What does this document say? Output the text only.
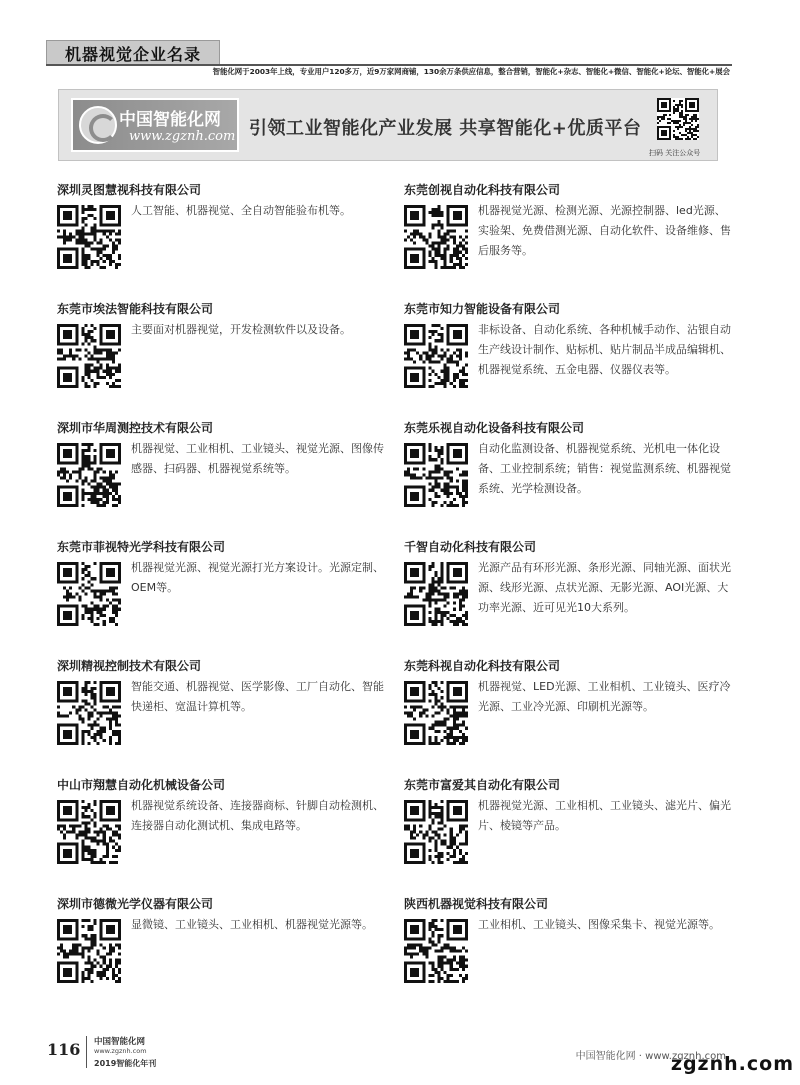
机器视觉企业名录
智能化网于2003年上线，专业用户120多万，近9万家网商铺，130余万条供应信息，整合营销，智能化+杂志、智能化+微信、智能化+论坛、智能化+展会
中国智能化网
www.zgznh.com 引领工业智能化产业发展 共享智能化+优质平台
扫码 关注公众号
深圳灵图慧视科技有限公司
人工智能、机器视觉、全自动智能验布机等。
东莞创视自动化科技有限公司
机器视觉光源、检测光源、光源控制器、led光源、实验架、免费借测光源、自动化软件、设备维修、售后服务等。
东莞市埃法智能科技有限公司
主要面对机器视觉，开发检测软件以及设备。
东莞市知力智能设备有限公司
非标设备、自动化系统、各种机械手动作、沾银自动生产线设计制作、贴标机、贴片制品半成品编辑机、机器视觉系统、五金电器、仪器仪表等。
深圳市华周测控技术有限公司
机器视觉、工业相机、工业镜头、视觉光源、图像传感器、扫码器、机器视觉系统等。
东莞乐视自动化设备科技有限公司
自动化监测设备、机器视觉系统、光机电一体化设备、工业控制系统；销售：视觉监测系统、机器视觉系统、光学检测设备。
东莞市菲视特光学科技有限公司
机器视觉光源、视觉光源打光方案设计。光源定制、OEM等。
千智自动化科技有限公司
光源产品有环形光源、条形光源、同轴光源、面状光源、线形光源、点状光源、无影光源、AOI光源、大功率光源、近可见光10大系列。
深圳精视控制技术有限公司
智能交通、机器视觉、医学影像、工厂自动化、智能快递柜、宽温计算机等。
东莞科视自动化科技有限公司
机器视觉、LED光源、工业相机、工业镜头、医疗冷光源、工业冷光源、印刷机光源等。
中山市翔慧自动化机械设备公司
机器视觉系统设备、连接器商标、针脚自动检测机、连接器自动化测试机、集成电路等。
东莞市富爱其自动化有限公司
机器视觉光源、工业相机、工业镜头、滤光片、偏光片、棱镜等产品。
深圳市德微光学仪器有限公司
显微镜、工业镜头、工业相机、机器视觉光源等。
陕西机器视觉科技有限公司
工业相机、工业镜头、图像采集卡、视觉光源等。
116 中国智能化网
www.zgznh.com
2019智能化年刊
中国智能化网 · www.zgznh.com
zgznh.com
